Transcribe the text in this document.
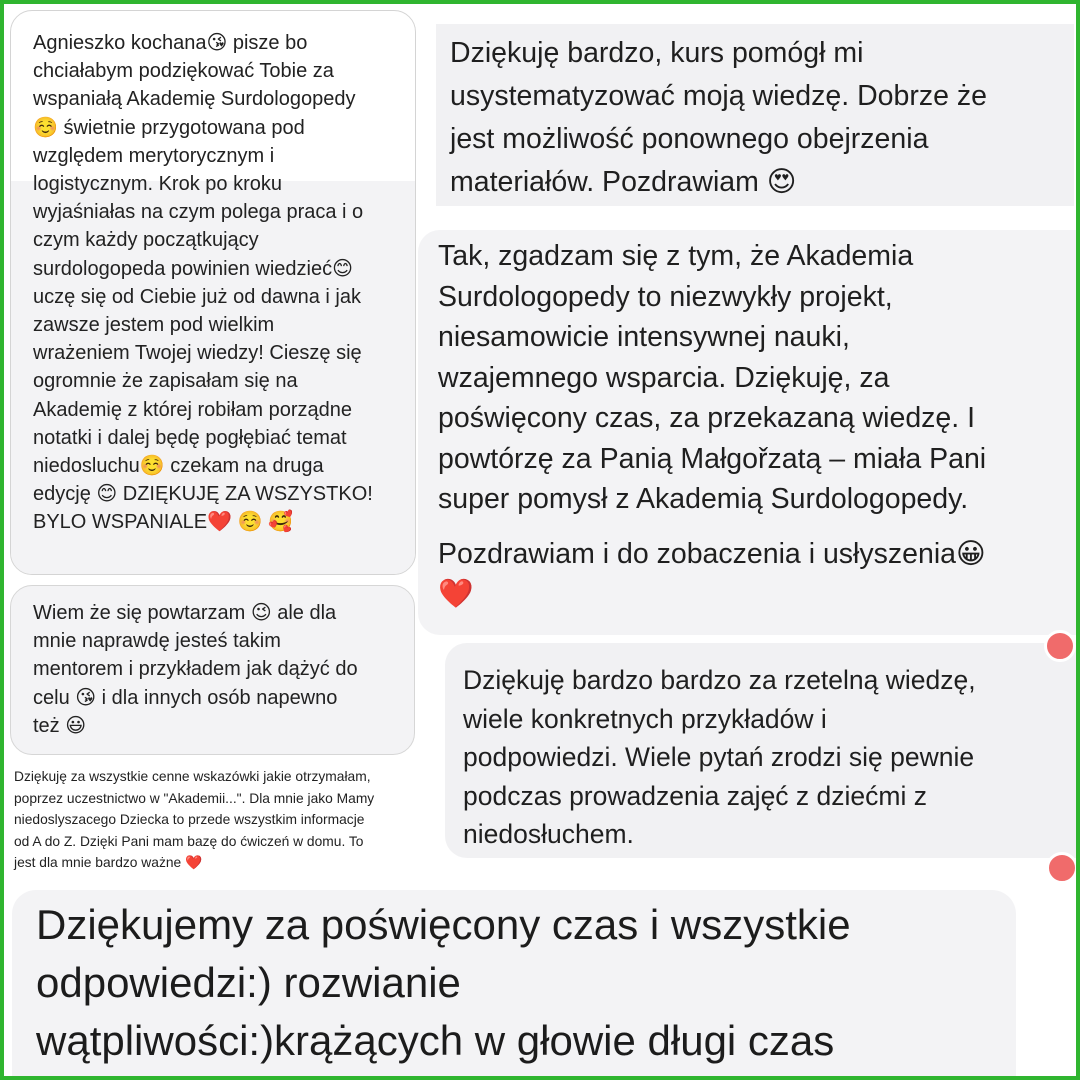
Agnieszko kochana😘 pisze bo
chciałabym podziękować Tobie za
wspaniałą Akademię Surdologopedy
☺️ świetnie przygotowana pod
względem merytorycznym i
logistycznym. Krok po kroku
wyjaśniałas na czym polega praca i o
czym każdy początkujący
surdologopeda powinien wiedzieć😊
uczę się od Ciebie już od dawna i jak
zawsze jestem pod wielkim
wrażeniem Twojej wiedzy! Cieszę się
ogromnie że zapisałam się na
Akademię z której robiłam porządne
notatki i dalej będę pogłębiać temat
niedosluchu☺️ czekam na druga
edycję 😊 DZIĘKUJĘ ZA WSZYSTKO!
BYLO WSPANIALE❤️ ☺️ 🥰

Dziękuję bardzo, kurs pomógł mi
usystematyzować moją wiedzę. Dobrze że
jest możliwość ponownego obejrzenia
materiałów. Pozdrawiam 😍

Tak, zgadzam się z tym, że Akademia
Surdologopedy to niezwykły projekt,
niesamowicie intensywnej nauki,
wzajemnego wsparcia. Dziękuję, za
poświęcony czas, za przekazaną wiedzę. I
powtórzę za Panią Małgořzatą – miała Pani
super pomysł z Akademią Surdologopedy.

Pozdrawiam i do zobaczenia i usłyszenia😀
❤️

Wiem że się powtarzam 😉 ale dla
mnie naprawdę jesteś takim
mentorem i przykładem jak dążyć do
celu 😘 i dla innych osób napewno
też 😃

Dziękuję za wszystkie cenne wskazówki jakie otrzymałam,
poprzez uczestnictwo w "Akademii...". Dla mnie jako Mamy
niedoslyszacego Dziecka to przede wszystkim informacje
od A do Z. Dzięki Pani mam bazę do ćwiczeń w domu. To
jest dla mnie bardzo ważne ❤️

Dziękuję bardzo bardzo za rzetelną wiedzę,
wiele konkretnych przykładów i
podpowiedzi. Wiele pytań zrodzi się pewnie
podczas prowadzenia zajęć z dziećmi z
niedosłuchem.

Dziękujemy za poświęcony czas i wszystkie
odpowiedzi:) rozwianie
wątpliwości:)krążących w głowie długi czas
